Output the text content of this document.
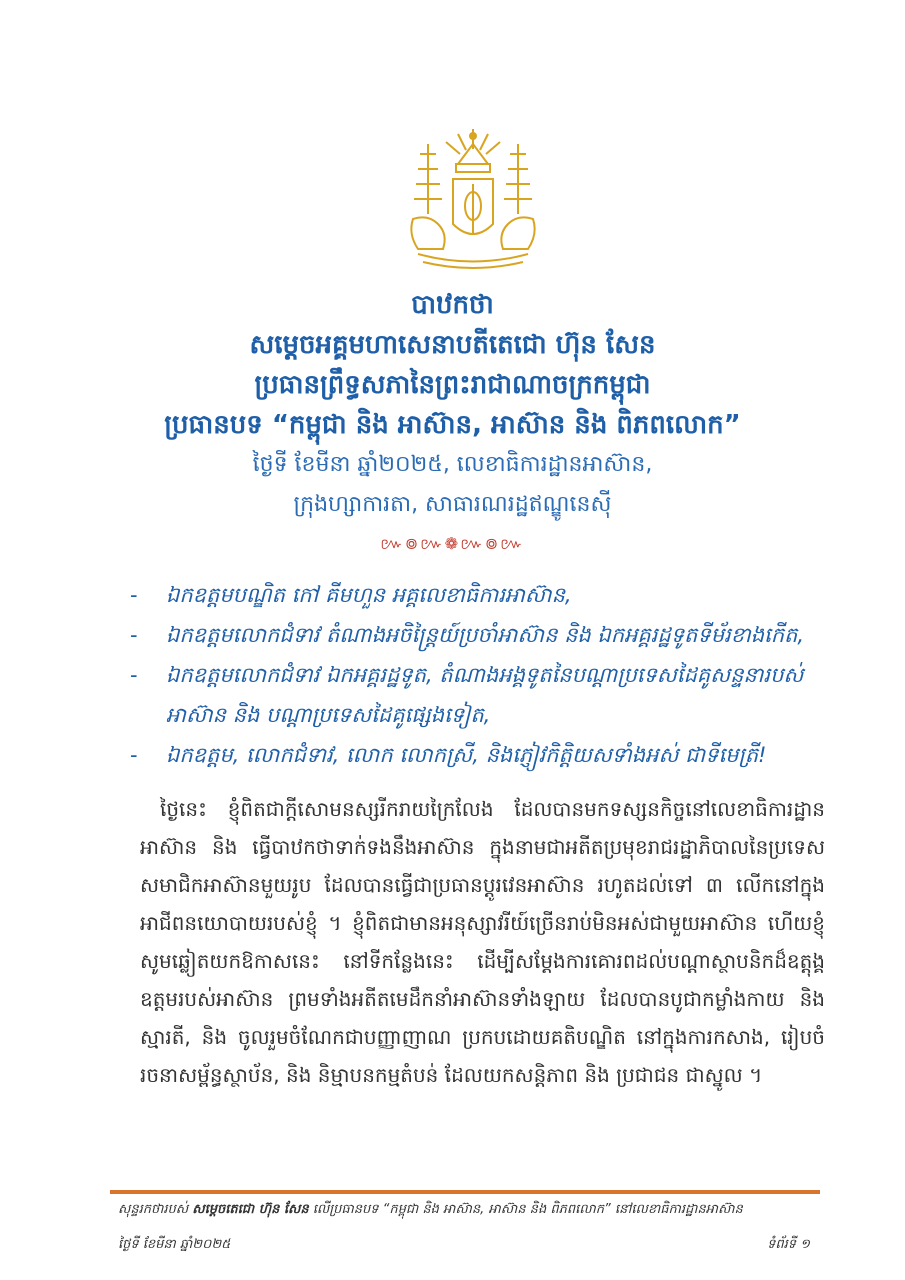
បាឋកថា
សម្តេចអគ្គមហាសេនាបតីតេជោ ហ៊ុន សែន
ប្រធានព្រឹទ្ធសភានៃព្រះរាជាណាចក្រកម្ពុជា
ប្រធានបទ “កម្ពុជា និង អាស៊ាន, អាស៊ាន និង ពិភពលោក”
ថ្ងៃទី ខែមីនា ឆ្នាំ២០២៥, លេខាធិការដ្ឋានអាស៊ាន,
ក្រុងហ្សាការតា, សាធារណរដ្ឋឥណ្ឌូនេស៊ី
៚៙៚❁៚៙៚
- ឯកឧត្តមបណ្ឌិត កៅ គីមហួន អគ្គលេខាធិការអាស៊ាន,
- ឯកឧត្តមលោកជំទាវ តំណាងអចិន្ត្រៃយ៍ប្រចាំអាស៊ាន និង ឯកអគ្គរដ្ឋទូតទីម័រខាងកើត,
- ឯកឧត្តមលោកជំទាវ ឯកអគ្គរដ្ឋទូត, តំណាងអង្គទូតនៃបណ្តាប្រទេសដៃគូសន្ទនារបស់អាស៊ាន និង បណ្តាប្រទេសដៃគូផ្សេងទៀត,
- ឯកឧត្តម, លោកជំទាវ, លោក លោកស្រី, និងភ្ញៀវកិត្តិយសទាំងអស់ ជាទីមេត្រី!
ថ្ងៃនេះ ខ្ញុំពិតជាក្តីសោមនស្សរីករាយក្រៃលែង ដែលបានមកទស្សនកិច្ចនៅលេខាធិការដ្ឋានអាស៊ាន និង ធ្វើបាឋកថាទាក់ទងនឹងអាស៊ាន ក្នុងនាមជាអតីតប្រមុខរាជរដ្ឋាភិបាលនៃប្រទេសសមាជិកអាស៊ានមួយរូប ដែលបានធ្វើជាប្រធានប្តូរវេនអាស៊ាន រហូតដល់ទៅ ៣ លើកនៅក្នុងអាជីពនយោបាយរបស់ខ្ញុំ ។ ខ្ញុំពិតជាមានអនុស្សាវរីយ៍ច្រើនរាប់មិនអស់ជាមួយអាស៊ាន ហើយខ្ញុំសូមឆ្លៀតយកឱកាសនេះ នៅទីកន្លែងនេះ ដើម្បីសម្តែងការគោរពដល់បណ្តាស្ថាបនិកដ៏ឧត្តុង្គឧត្តមរបស់អាស៊ាន ព្រមទាំងអតីតមេដឹកនាំអាស៊ានទាំងឡាយ ដែលបានបូជាកម្លាំងកាយ និងស្មារតី, និង ចូលរួមចំណែកជាបញ្ញាញាណ ប្រកបដោយគតិបណ្ឌិត នៅក្នុងការកសាង, រៀបចំរចនាសម្ព័ន្ធស្ថាប័ន, និង និម្មាបនកម្មតំបន់ ដែលយកសន្តិភាព និង ប្រជាជន ជាស្នូល ។
សុន្ទរកថារបស់ សម្តេចតេជោ ហ៊ុន សែន លើប្រធានបទ “កម្ពុជា និង អាស៊ាន, អាស៊ាន និង ពិភពលោក” នៅលេខាធិការដ្ឋានអាស៊ាន
ថ្ងៃទី ខែមីនា ឆ្នាំ២០២៥	ទំព័រទី ១
